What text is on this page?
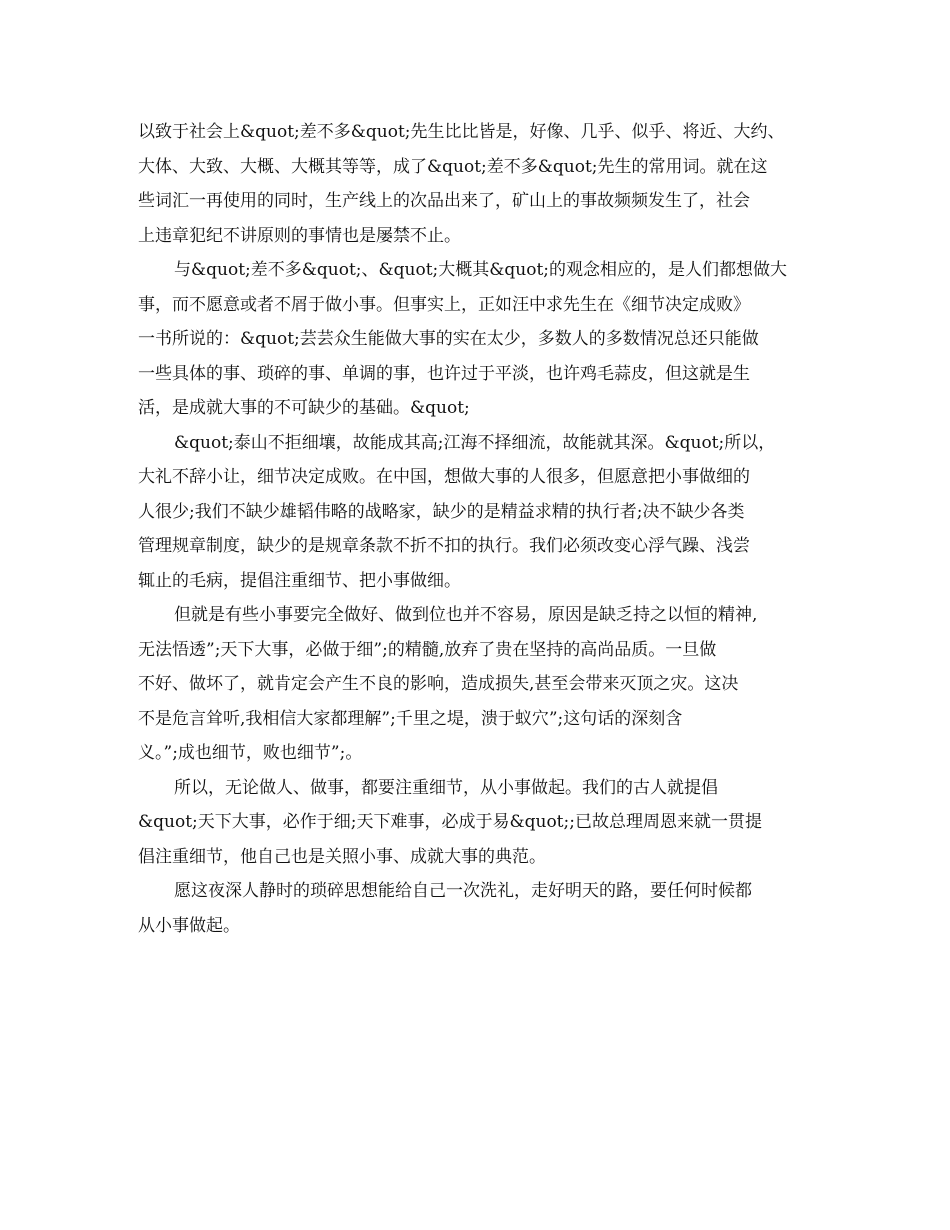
以致于社会上&quot;差不多&quot;先生比比皆是，好像、几乎、似乎、将近、大约、
大体、大致、大概、大概其等等，成了&quot;差不多&quot;先生的常用词。就在这
些词汇一再使用的同时，生产线上的次品出来了，矿山上的事故频频发生了，社会
上违章犯纪不讲原则的事情也是屡禁不止。
与&quot;差不多&quot;、&quot;大概其&quot;的观念相应的，是人们都想做大
事，而不愿意或者不屑于做小事。但事实上，正如汪中求先生在《细节决定成败》
一书所说的：&quot;芸芸众生能做大事的实在太少，多数人的多数情况总还只能做
一些具体的事、琐碎的事、单调的事，也许过于平淡，也许鸡毛蒜皮，但这就是生
活，是成就大事的不可缺少的基础。&quot;
&quot;泰山不拒细壤，故能成其高;江海不择细流，故能就其深。&quot;所以，
大礼不辞小让，细节决定成败。在中国，想做大事的人很多，但愿意把小事做细的
人很少;我们不缺少雄韬伟略的战略家，缺少的是精益求精的执行者;决不缺少各类
管理规章制度，缺少的是规章条款不折不扣的执行。我们必须改变心浮气躁、浅尝
辄止的毛病，提倡注重细节、把小事做细。
但就是有些小事要完全做好、做到位也并不容易，原因是缺乏持之以恒的精神,
无法悟透”;天下大事，必做于细”;的精髓,放弃了贵在坚持的高尚品质。一旦做
不好、做坏了，就肯定会产生不良的影响，造成损失,甚至会带来灭顶之灾。这决
不是危言耸听,我相信大家都理解”;千里之堤，溃于蚁穴”;这句话的深刻含
义。”;成也细节，败也细节”;。
所以，无论做人、做事，都要注重细节，从小事做起。我们的古人就提倡
&quot;天下大事，必作于细;天下难事，必成于易&quot;;已故总理周恩来就一贯提
倡注重细节，他自己也是关照小事、成就大事的典范。
愿这夜深人静时的琐碎思想能给自己一次洗礼，走好明天的路，要任何时候都
从小事做起。
